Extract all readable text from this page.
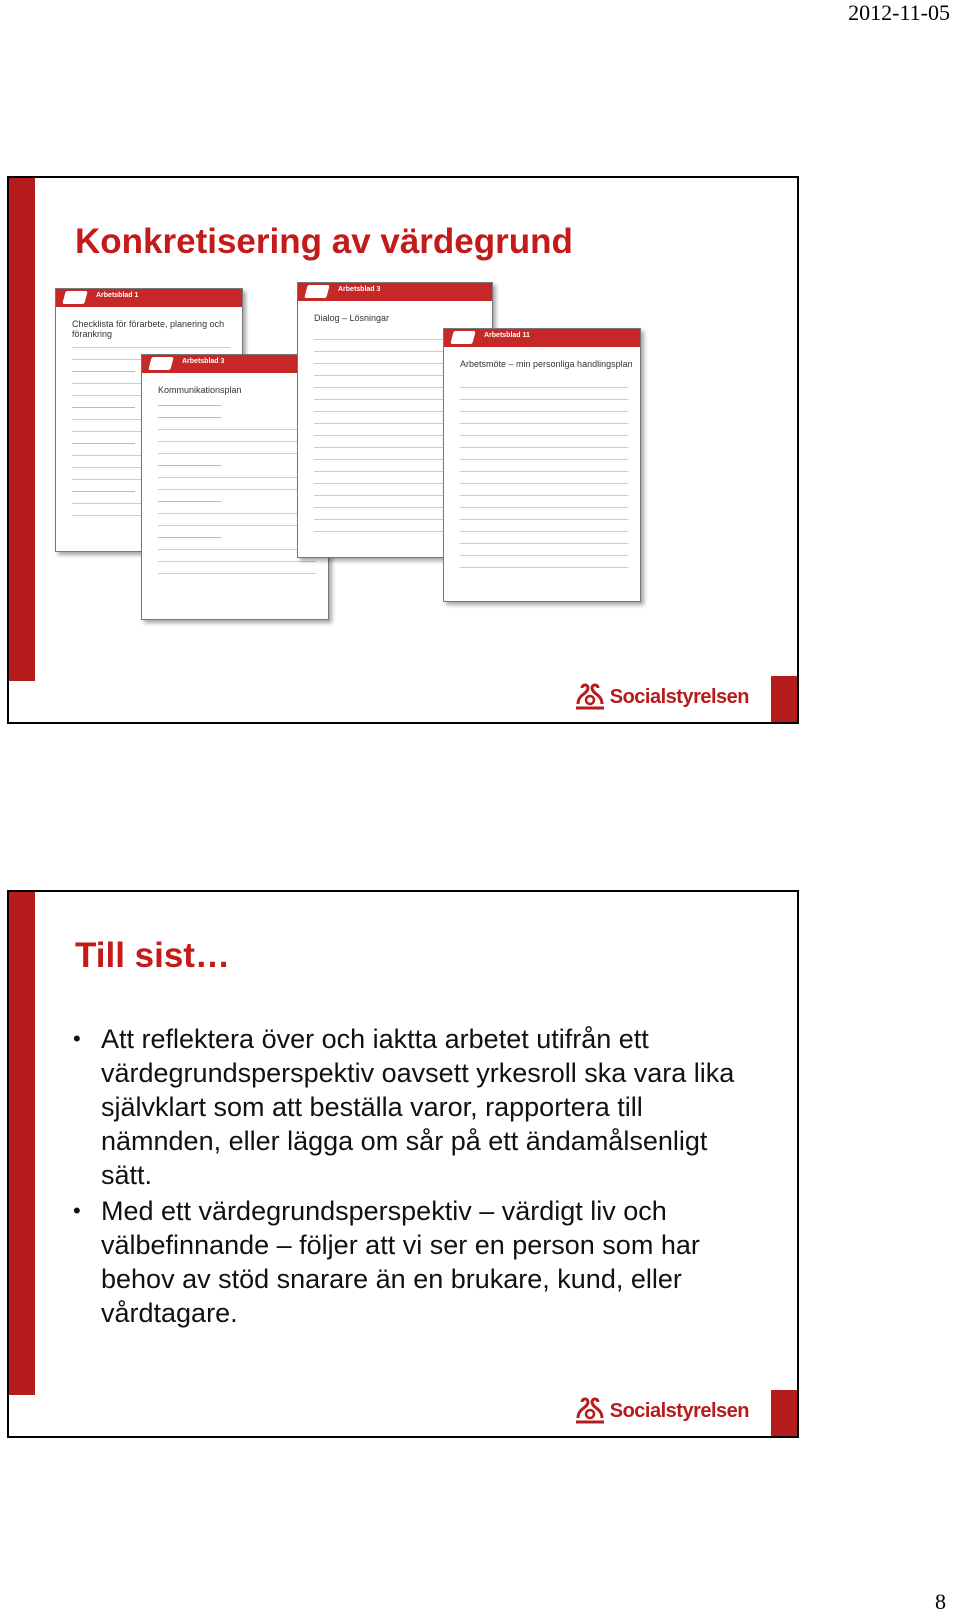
2012-11-05
Konkretisering av värdegrund
Arbetsblad 1
Checklista för förarbete, planering och förankring
Arbetsblad 3
Kommunikationsplan
Arbetsblad 3
Dialog – Lösningar
Arbetsblad 11
Arbetsmöte – min personliga handlingsplan
Socialstyrelsen
Till sist…
• Att reflektera över och iaktta arbetet utifrån ett värdegrundsperspektiv oavsett yrkesroll ska vara lika självklart som att beställa varor, rapportera till nämnden, eller lägga om sår på ett ändamålsenligt sätt.
• Med ett värdegrundsperspektiv – värdigt liv och välbefinnande – följer att vi ser en person som har behov av stöd snarare än en brukare, kund, eller vårdtagare.
Socialstyrelsen
8
